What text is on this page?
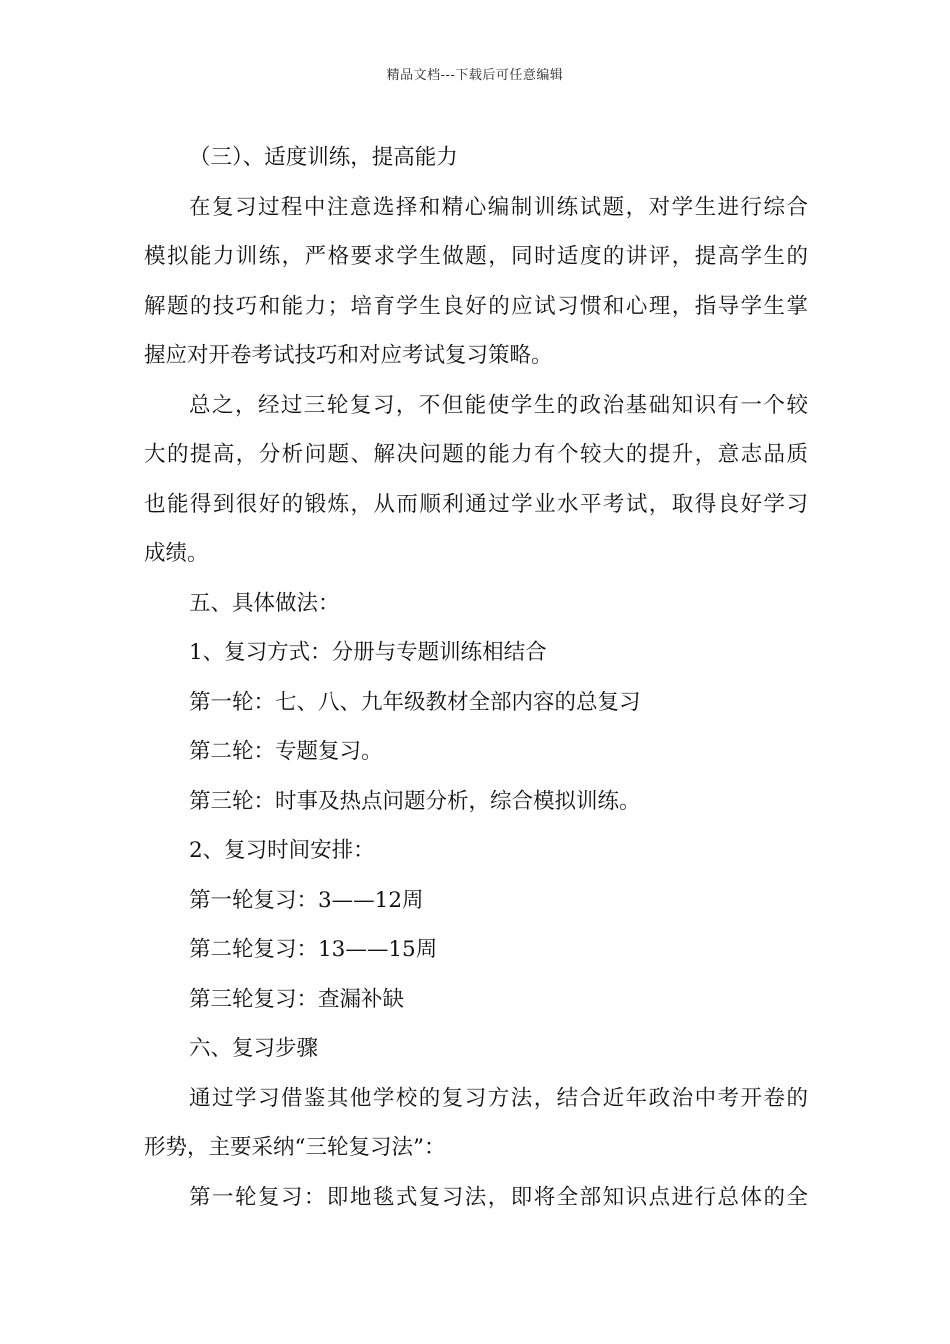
精品文档---下载后可任意编辑
（三）、适度训练，提高能力
在复习过程中注意选择和精心编制训练试题，对学生进行综合
模拟能力训练，严格要求学生做题，同时适度的讲评，提高学生的
解题的技巧和能力；培育学生良好的应试习惯和心理，指导学生掌
握应对开卷考试技巧和对应考试复习策略。
总之，经过三轮复习，不但能使学生的政治基础知识有一个较
大的提高，分析问题、解决问题的能力有个较大的提升，意志品质
也能得到很好的锻炼，从而顺利通过学业水平考试，取得良好学习
成绩。
五、具体做法：
1、复习方式：分册与专题训练相结合
第一轮：七、八、九年级教材全部内容的总复习
第二轮：专题复习。
第三轮：时事及热点问题分析，综合模拟训练。
2、复习时间安排：
第一轮复习：3——12周
第二轮复习：13——15周
第三轮复习：查漏补缺
六、复习步骤
通过学习借鉴其他学校的复习方法，结合近年政治中考开卷的
形势，主要采纳“三轮复习法”：
第一轮复习：即地毯式复习法，即将全部知识点进行总体的全
